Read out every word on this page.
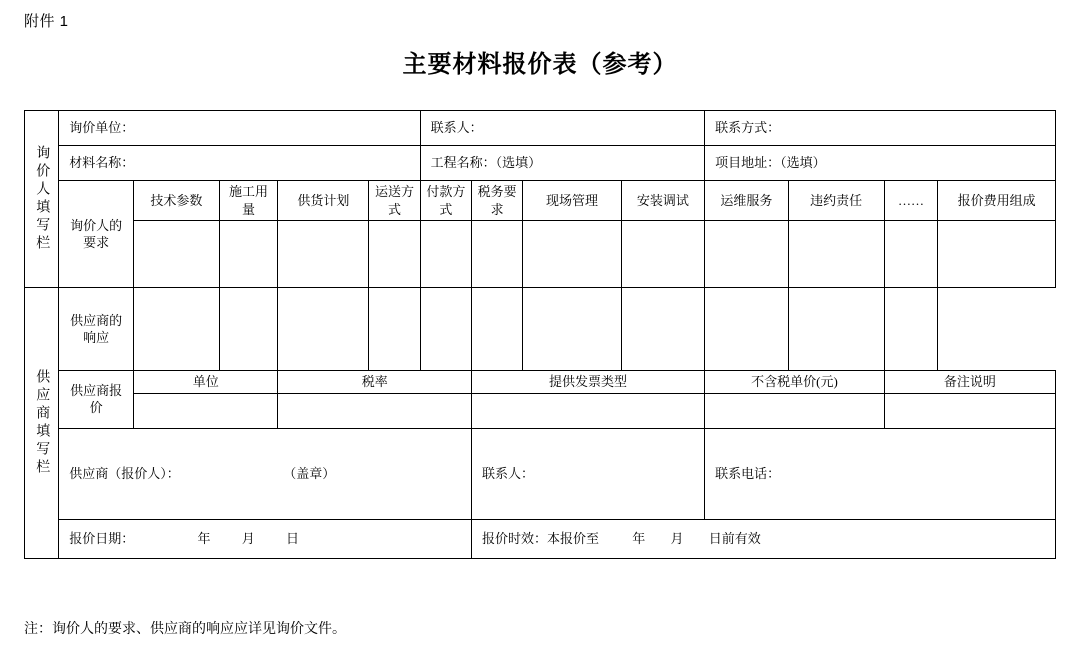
附件 1
主要材料报价表（参考）
询价人填写栏	询价单位：					联系人：				联系方式：			
	材料名称：					工程名称：（选填）				项目地址：（选填）			
	询价人的要求	技术参数	施工用量	供货计划	运送方式	付款方式	税务要求	现场管理	安装调试	运维服务	违约责任	……	报价费用组成

供应商填写栏	供应商的响应												
	供应商报价	单位		税率			提供发票类型			不含税单价(元)		备注说明	

	供应商（报价人）： （盖章）						联系人：			联系电话：			
	报价日期： 年 月 日						报价时效：本报价至 年 月 日前有效						
注：询价人的要求、供应商的响应应详见询价文件。
